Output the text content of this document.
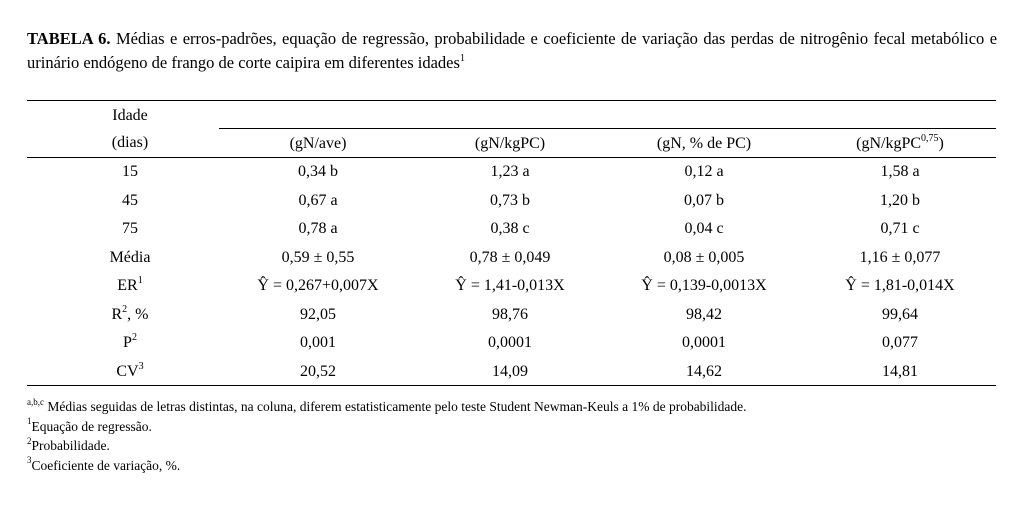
TABELA 6. Médias e erros-padrões, equação de regressão, probabilidade e coeficiente de variação das perdas de nitrogênio fecal metabólico e urinário endógeno de frango de corte caipira em diferentes idades$^1$
Idade
(dias)	(gN/ave)	(gN/kgPC)	(gN, % de PC)	(gN/kgPC$^{0,75}$)
15	0,34 b	1,23 a	0,12 a	1,58 a
45	0,67 a	0,73 b	0,07 b	1,20 b
75	0,78 a	0,38 c	0,04 c	0,71 c
Média	0,59 ± 0,55	0,78 ± 0,049	0,08 ± 0,005	1,16 ± 0,077
$ER^1$	Ŷ = 0,267+0,007X	Ŷ = 1,41-0,013X	Ŷ = 0,139-0,0013X	Ŷ = 1,81-0,014X
$R^2$, %	92,05	98,76	98,42	99,64
$P^2$	0,001	0,0001	0,0001	0,077
$CV^3$	20,52	14,09	14,62	14,81
$^{a,b,c}$ Médias seguidas de letras distintas, na coluna, diferem estatisticamente pelo teste Student Newman-Keuls a 1% de probabilidade.
$^1$Equação de regressão.
$^2$Probabilidade.
$^3$Coeficiente de variação, %.
